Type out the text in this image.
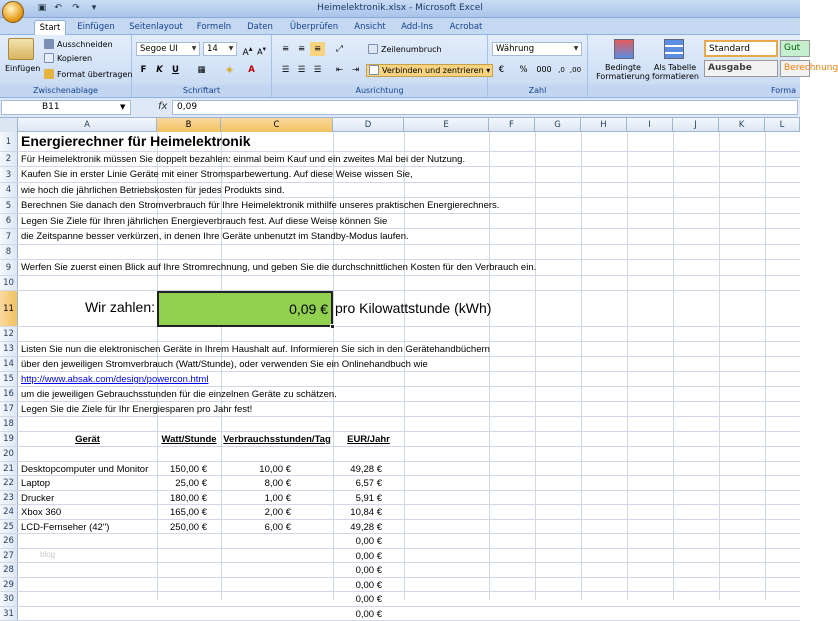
▣ ↶ ↷	▾	Heimelektronik.xlsx - Microsoft Excel
Start	Einfügen	Seitenlayout	Formeln	Daten	Überprüfen	Ansicht	Add-Ins	Acrobat
Einfügen
Ausschneiden
Kopieren
Format übertragen
Zwischenablage
Segoe UI	▼	14	▼ A▴ A▾
F	K	U	▦	◈	A
Schriftart
≡	≡	≡	⤢	Zeilenumbruch
☰ ☰ ☰	⇤	⇥	Verbinden und zentrieren ▾
Ausrichtung
Währung	▼
€	%	000 ,0 ,00
Zahl
Bedingte Formatierung
Als Tabelle formatieren
Standard	Gut
Ausgabe	Berechnung
Forma
B11	▼	fx	0,09
A	B	C	D	E	F	G	H	I	J	K	L
1 Energierechner für Heimelektronik
2	Für Heimelektronik müssen Sie doppelt bezahlen: einmal beim Kauf und ein zweites Mal bei der Nutzung.
3	Kaufen Sie in erster Linie Geräte mit einer Stromsparbewertung. Auf diese Weise wissen Sie,
4	wie hoch die jährlichen Betriebskosten für jedes Produkts sind.
5	Berechnen Sie danach den Stromverbrauch für Ihre Heimelektronik mithilfe unseres praktischen Energierechners.
6	Legen Sie Ziele für Ihren jährlichen Energieverbrauch fest. Auf diese Weise können Sie
7	die Zeitspanne besser verkürzen, in denen Ihre Geräte unbenutzt im Standby-Modus laufen.
8
9	Werfen Sie zuerst einen Blick auf Ihre Stromrechnung, und geben Sie die durchschnittlichen Kosten für den Verbrauch ein.
10
11	Wir zahlen:
12
13 Listen Sie nun die elektronischen Geräte in Ihrem Haushalt auf. Informieren Sie sich in den Gerätehandbüchern
14 über den jeweiligen Stromverbrauch (Watt/Stunde), oder verwenden Sie ein Onlinehandbuch wie
15 http://www.absak.com/design/powercon.html
16 um die jeweiligen Gebrauchsstunden für die einzelnen Geräte zu schätzen.
17 Legen Sie die Ziele für Ihr Energiesparen pro Jahr fest!
18
19	Gerät	Watt/Stunde Verbrauchsstunden/Tag	EUR/Jahr
20
21 Desktopcomputer und Monitor	150,00 €	10,00 €	49,28 €
22 Laptop	25,00 €	8,00 €	6,57 €
23 Drucker	180,00 €	1,00 €	5,91 €
24 Xbox 360	165,00 €	2,00 €	10,84 €
25 LCD-Fernseher (42")	250,00 €	6,00 €	49,28 €
26	0,00 €
27	0,00 €
28	0,00 €
29	0,00 €
30	0,00 €
31	0,00 €
0,09 € pro Kilowattstunde (kWh)
blog
